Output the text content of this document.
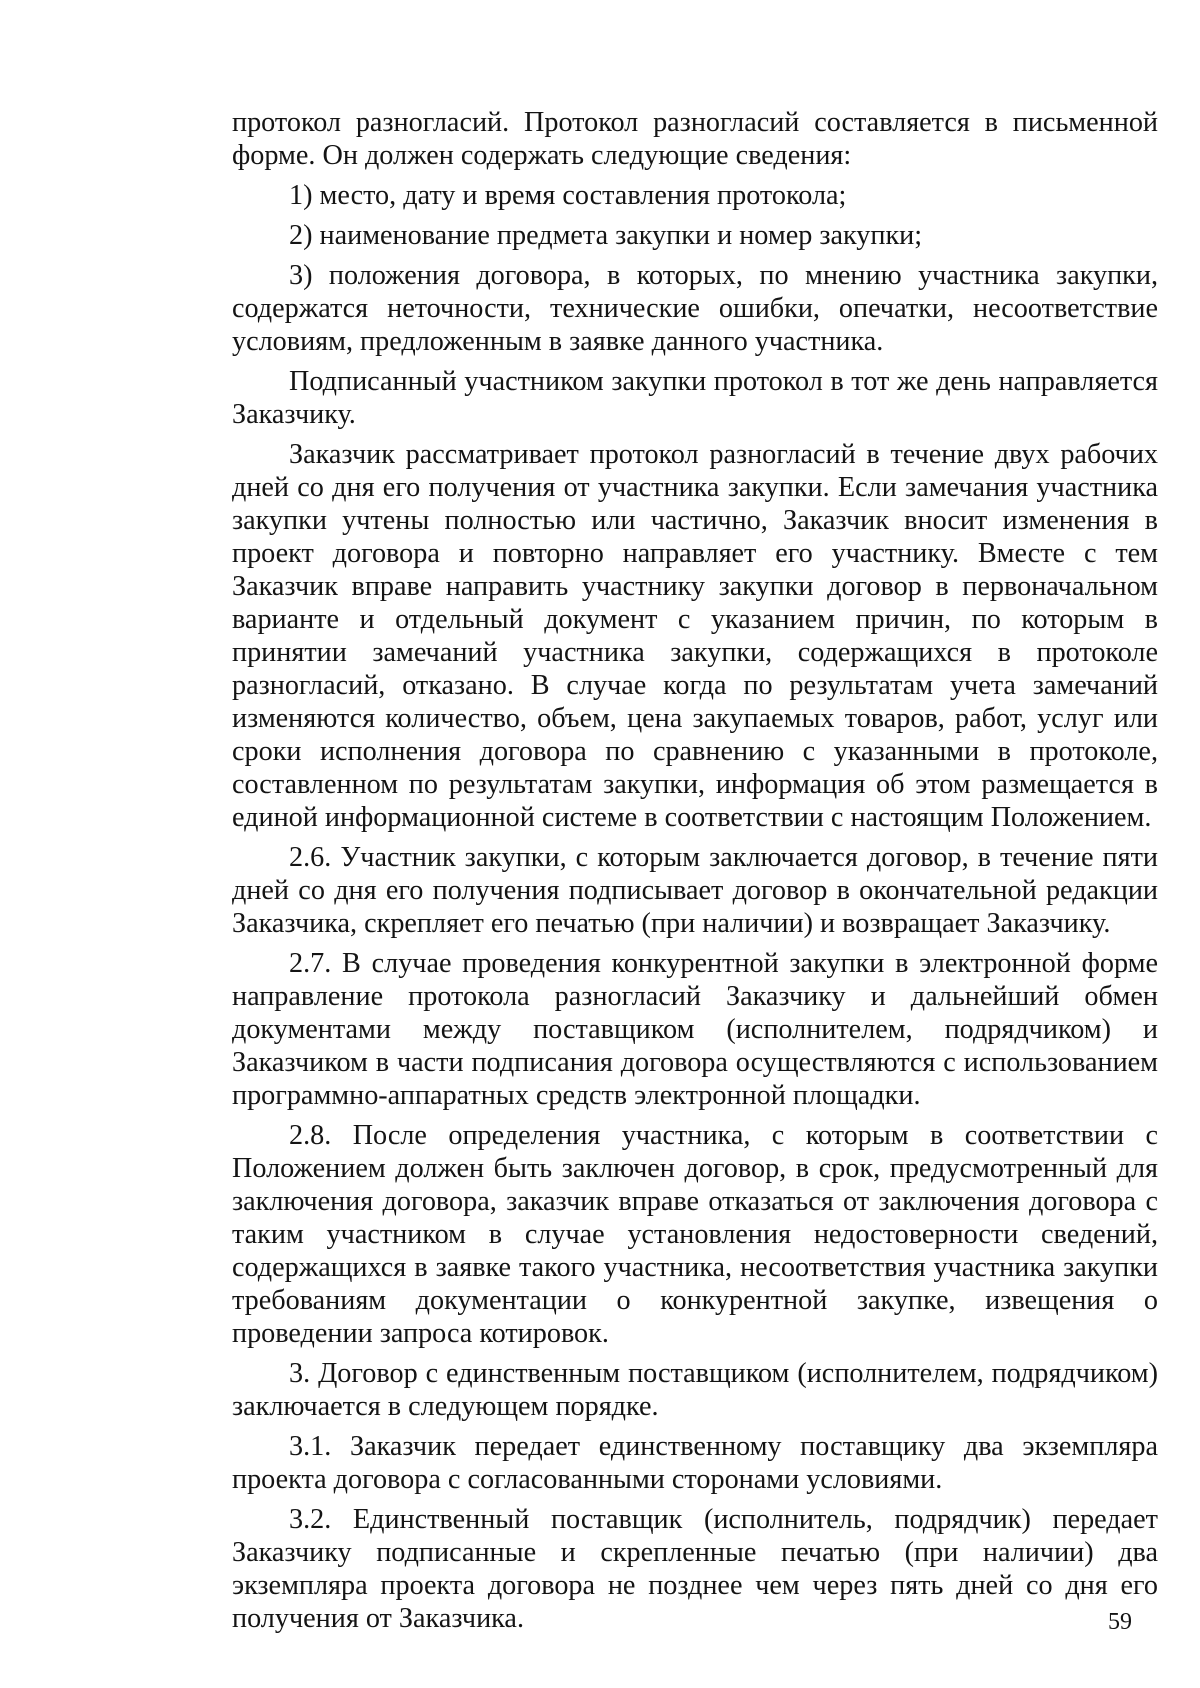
протокол разногласий. Протокол разногласий составляется в письменной форме. Он должен содержать следующие сведения:

1) место, дату и время составления протокола;

2) наименование предмета закупки и номер закупки;

3) положения договора, в которых, по мнению участника закупки, содержатся неточности, технические ошибки, опечатки, несоответствие условиям, предложенным в заявке данного участника.

Подписанный участником закупки протокол в тот же день направляется Заказчику.

Заказчик рассматривает протокол разногласий в течение двух рабочих дней со дня его получения от участника закупки. Если замечания участника закупки учтены полностью или частично, Заказчик вносит изменения в проект договора и повторно направляет его участнику. Вместе с тем Заказчик вправе направить участнику закупки договор в первоначальном варианте и отдельный документ с указанием причин, по которым в принятии замечаний участника закупки, содержащихся в протоколе разногласий, отказано. В случае когда по результатам учета замечаний изменяются количество, объем, цена закупаемых товаров, работ, услуг или сроки исполнения договора по сравнению с указанными в протоколе, составленном по результатам закупки, информация об этом размещается в единой информационной системе в соответствии с настоящим Положением.

2.6. Участник закупки, с которым заключается договор, в течение пяти дней со дня его получения подписывает договор в окончательной редакции Заказчика, скрепляет его печатью (при наличии) и возвращает Заказчику.

2.7. В случае проведения конкурентной закупки в электронной форме направление протокола разногласий Заказчику и дальнейший обмен документами между поставщиком (исполнителем, подрядчиком) и Заказчиком в части подписания договора осуществляются с использованием программно-аппаратных средств электронной площадки.

2.8. После определения участника, с которым в соответствии с Положением должен быть заключен договор, в срок, предусмотренный для заключения договора, заказчик вправе отказаться от заключения договора с таким участником в случае установления недостоверности сведений, содержащихся в заявке такого участника, несоответствия участника закупки требованиям документации о конкурентной закупке, извещения о проведении запроса котировок.

3. Договор с единственным поставщиком (исполнителем, подрядчиком) заключается в следующем порядке.

3.1. Заказчик передает единственному поставщику два экземпляра проекта договора с согласованными сторонами условиями.

3.2. Единственный поставщик (исполнитель, подрядчик) передает Заказчику подписанные и скрепленные печатью (при наличии) два экземпляра проекта договора не позднее чем через пять дней со дня его получения от Заказчика.	59
